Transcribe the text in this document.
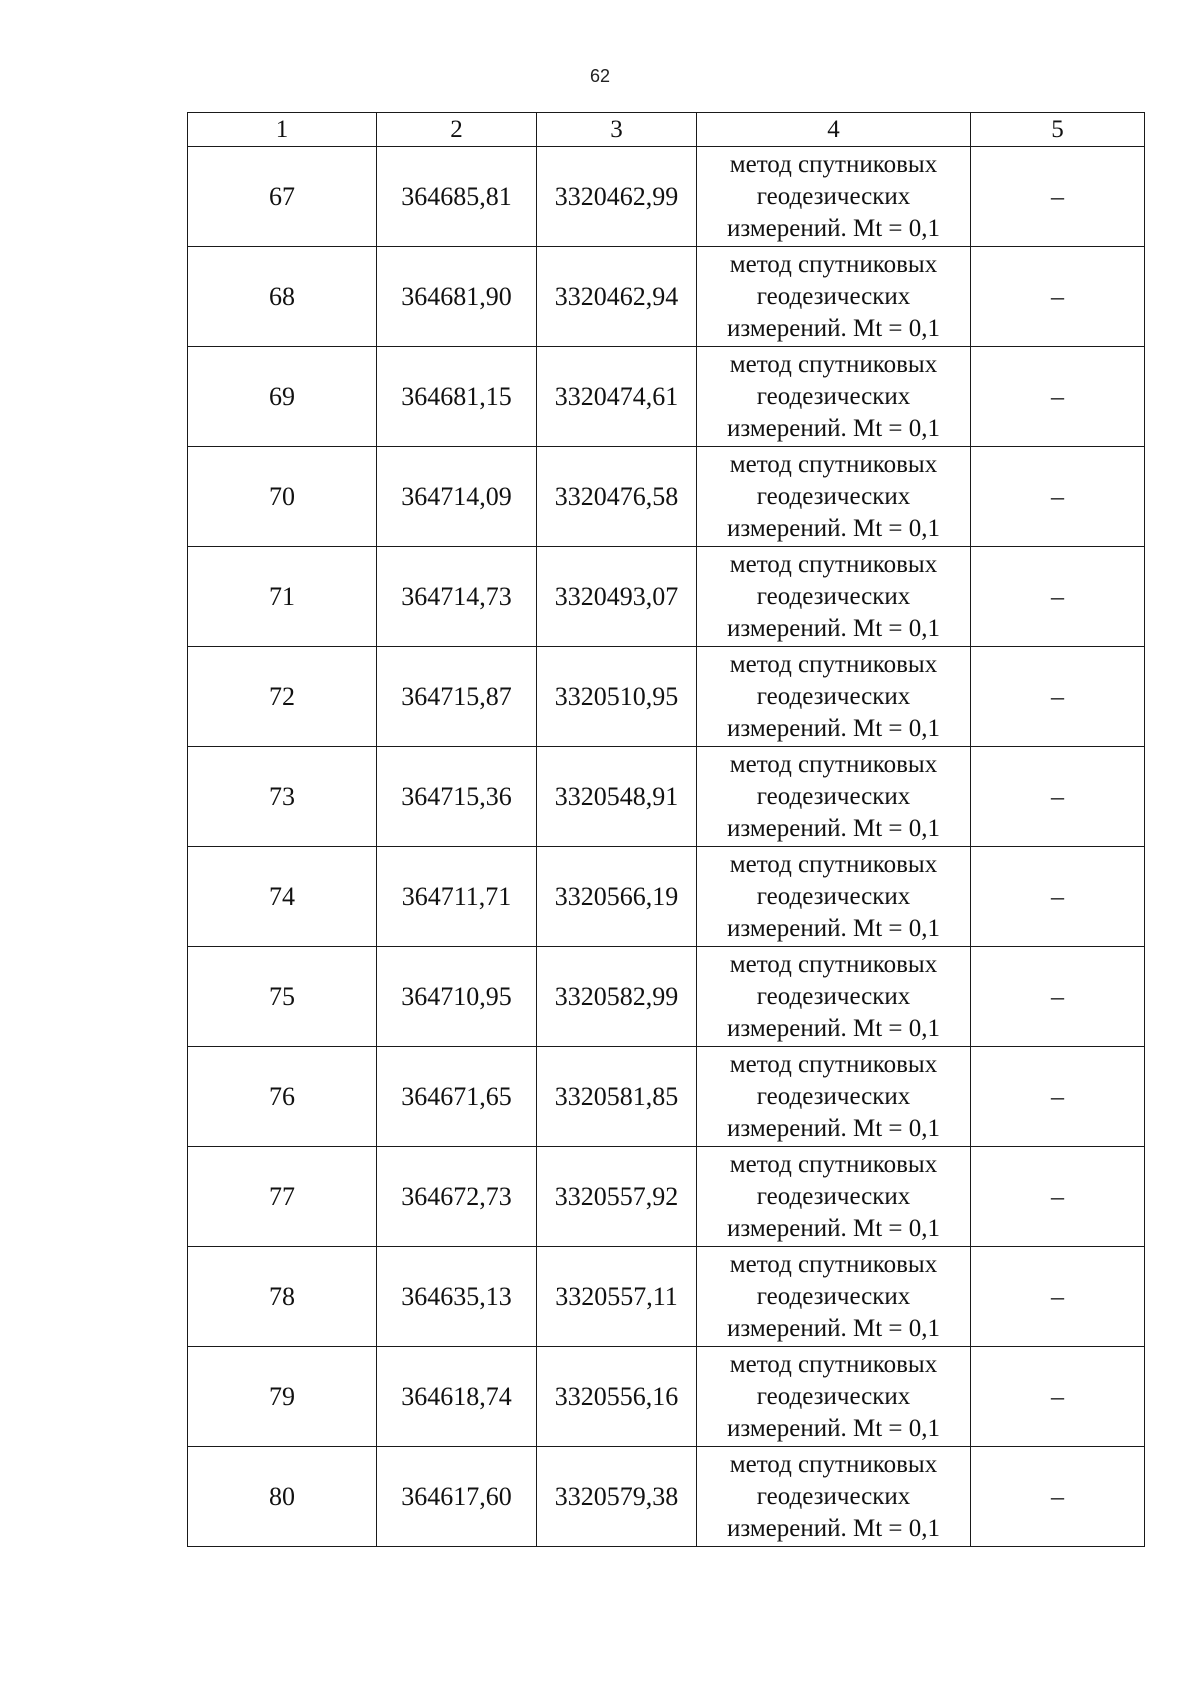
62
1	2	3	4	5
67	364685,81	3320462,99	метод спутниковых
геодезических
измерений. Mt = 0,1	–
68	364681,90	3320462,94	метод спутниковых
геодезических
измерений. Mt = 0,1	–
69	364681,15	3320474,61	метод спутниковых
геодезических
измерений. Mt = 0,1	–
70	364714,09	3320476,58	метод спутниковых
геодезических
измерений. Mt = 0,1	–
71	364714,73	3320493,07	метод спутниковых
геодезических
измерений. Mt = 0,1	–
72	364715,87	3320510,95	метод спутниковых
геодезических
измерений. Mt = 0,1	–
73	364715,36	3320548,91	метод спутниковых
геодезических
измерений. Mt = 0,1	–
74	364711,71	3320566,19	метод спутниковых
геодезических
измерений. Mt = 0,1	–
75	364710,95	3320582,99	метод спутниковых
геодезических
измерений. Mt = 0,1	–
76	364671,65	3320581,85	метод спутниковых
геодезических
измерений. Mt = 0,1	–
77	364672,73	3320557,92	метод спутниковых
геодезических
измерений. Mt = 0,1	–
78	364635,13	3320557,11	метод спутниковых
геодезических
измерений. Mt = 0,1	–
79	364618,74	3320556,16	метод спутниковых
геодезических
измерений. Mt = 0,1	–
80	364617,60	3320579,38	метод спутниковых
геодезических
измерений. Mt = 0,1	–
